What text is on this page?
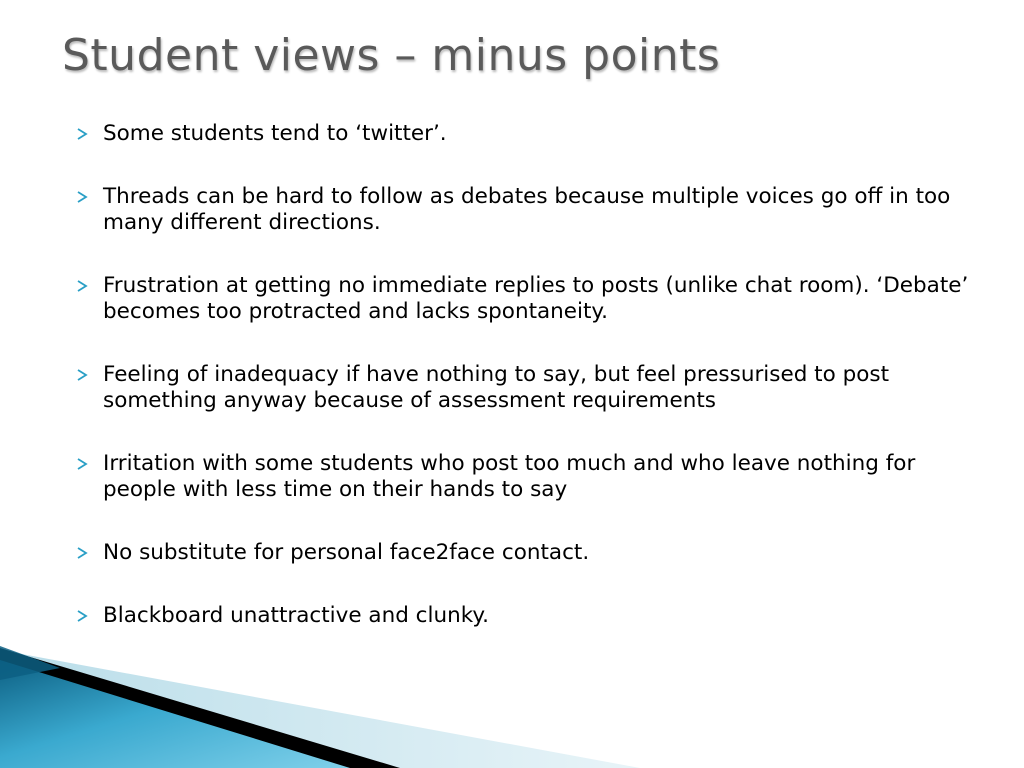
Student views – minus points
Some students tend to ‘twitter’.
Threads can be hard to follow as debates because multiple voices go off in too many different directions.
Frustration at getting no immediate replies to posts (unlike chat room). ‘Debate’ becomes too protracted and lacks spontaneity.
Feeling of inadequacy if have nothing to say, but feel pressurised to post something anyway because of assessment requirements
Irritation with some students who post too much and who leave nothing for people with less time on their hands to say
No substitute for personal face2face contact.
Blackboard unattractive and clunky.
